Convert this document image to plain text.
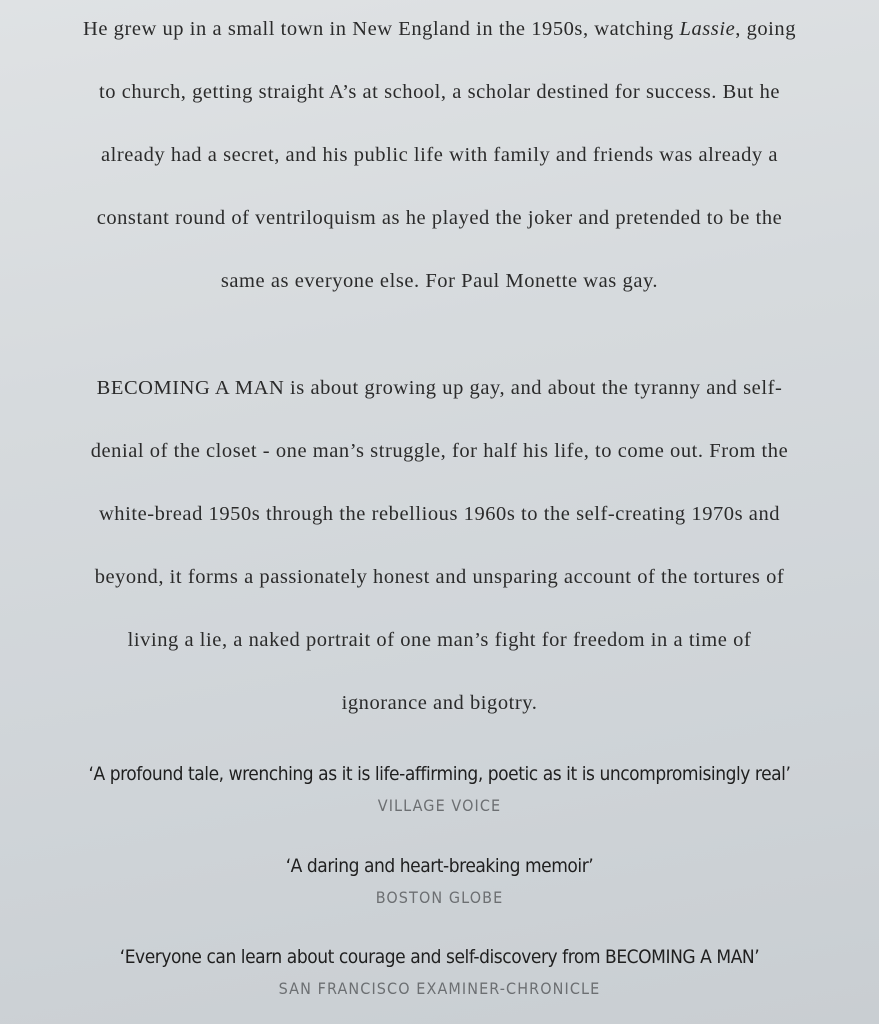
He grew up in a small town in New England in the 1950s, watching Lassie, going
to church, getting straight A’s at school, a scholar destined for success. But he
already had a secret, and his public life with family and friends was already a
constant round of ventriloquism as he played the joker and pretended to be the
same as everyone else. For Paul Monette was gay.

BECOMING A MAN is about growing up gay, and about the tyranny and self-
denial of the closet - one man’s struggle, for half his life, to come out. From the
white-bread 1950s through the rebellious 1960s to the self-creating 1970s and
beyond, it forms a passionately honest and unsparing account of the tortures of
living a lie, a naked portrait of one man’s fight for freedom in a time of
ignorance and bigotry.

‘A profound tale, wrenching as it is life-affirming, poetic as it is uncompromisingly real’
VILLAGE VOICE
‘A daring and heart-breaking memoir’
BOSTON GLOBE
‘Everyone can learn about courage and self-discovery from BECOMING A MAN’
SAN FRANCISCO EXAMINER-CHRONICLE
